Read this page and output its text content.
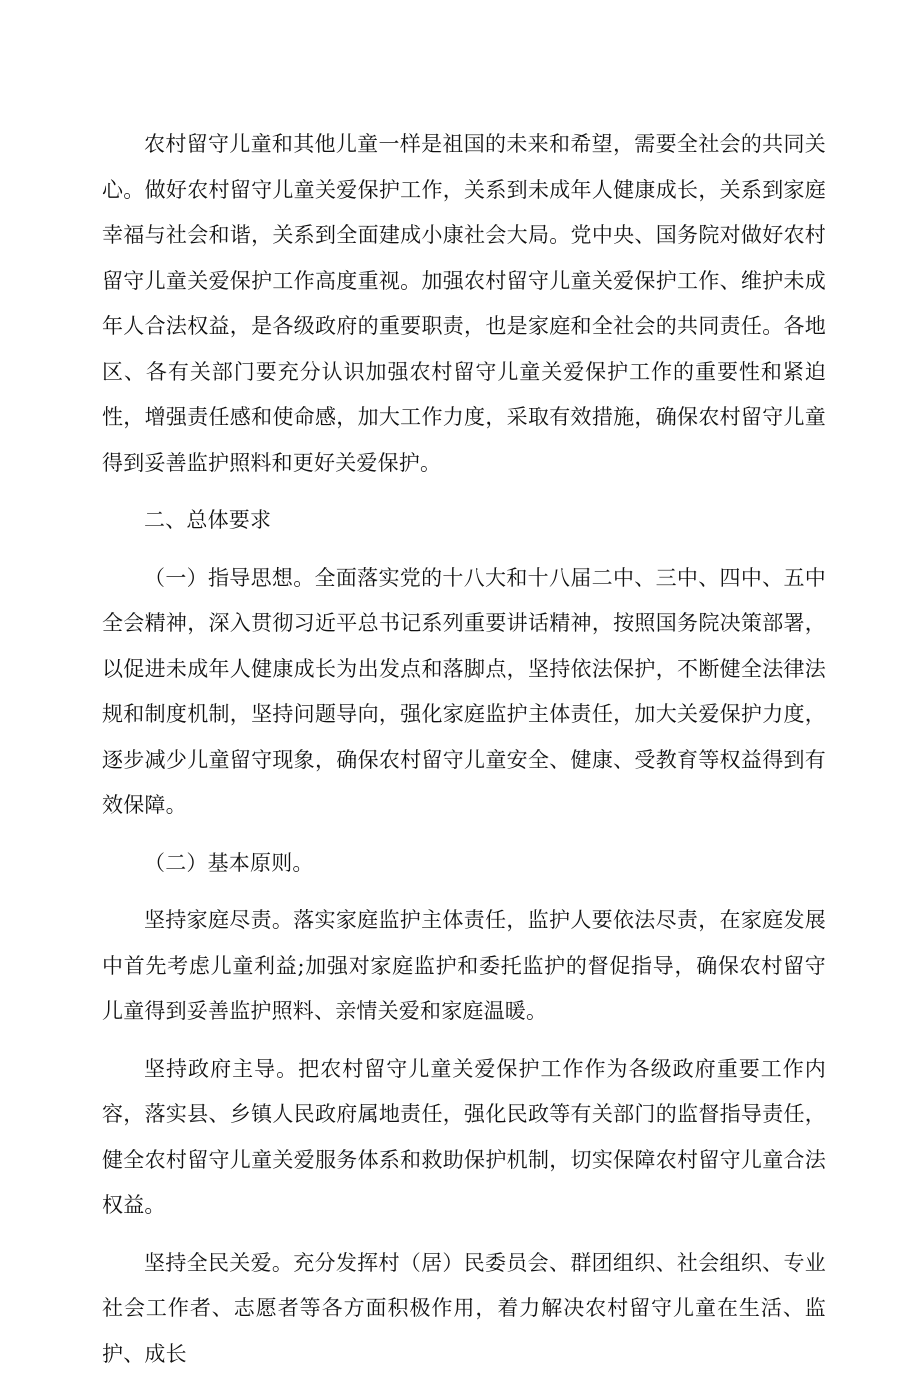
农村留守儿童和其他儿童一样是祖国的未来和希望，需要全社会的共同关心。做好农村留守儿童关爱保护工作，关系到未成年人健康成长，关系到家庭幸福与社会和谐，关系到全面建成小康社会大局。党中央、国务院对做好农村留守儿童关爱保护工作高度重视。加强农村留守儿童关爱保护工作、维护未成年人合法权益，是各级政府的重要职责，也是家庭和全社会的共同责任。各地区、各有关部门要充分认识加强农村留守儿童关爱保护工作的重要性和紧迫性，增强责任感和使命感，加大工作力度，采取有效措施，确保农村留守儿童得到妥善监护照料和更好关爱保护。

二、总体要求

（一）指导思想。全面落实党的十八大和十八届二中、三中、四中、五中全会精神，深入贯彻习近平总书记系列重要讲话精神，按照国务院决策部署，以促进未成年人健康成长为出发点和落脚点，坚持依法保护，不断健全法律法规和制度机制，坚持问题导向，强化家庭监护主体责任，加大关爱保护力度，逐步减少儿童留守现象，确保农村留守儿童安全、健康、受教育等权益得到有效保障。

（二）基本原则。

坚持家庭尽责。落实家庭监护主体责任，监护人要依法尽责，在家庭发展中首先考虑儿童利益;加强对家庭监护和委托监护的督促指导，确保农村留守儿童得到妥善监护照料、亲情关爱和家庭温暖。

坚持政府主导。把农村留守儿童关爱保护工作作为各级政府重要工作内容，落实县、乡镇人民政府属地责任，强化民政等有关部门的监督指导责任，健全农村留守儿童关爱服务体系和救助保护机制，切实保障农村留守儿童合法权益。

坚持全民关爱。充分发挥村（居）民委员会、群团组织、社会组织、专业社会工作者、志愿者等各方面积极作用，着力解决农村留守儿童在生活、监护、成长
